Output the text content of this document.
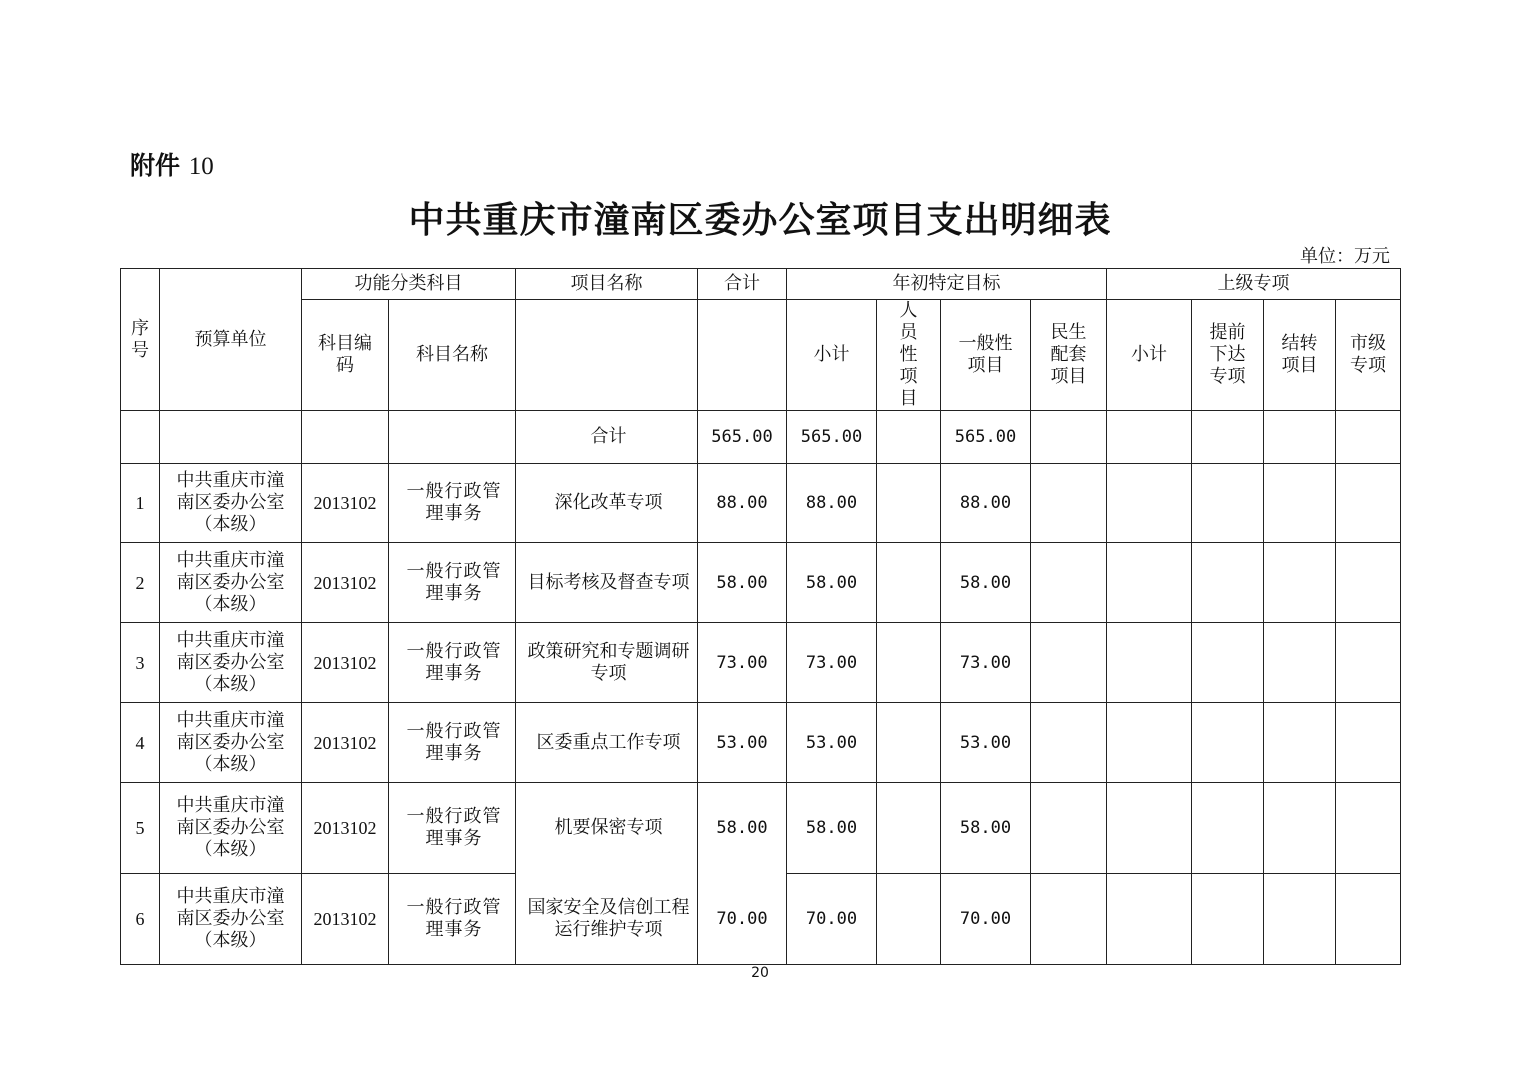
附件 10
中共重庆市潼南区委办公室项目支出明细表
单位：万元
序号	预算单位	功能分类科目		项目名称	合计	年初特定目标				上级专项			
		科目编码	科目名称			小计	人员性项目	一般性项目	民生配套项目	小计	提前下达专项	结转项目	市级专项
				合计	565.00	565.00		565.00					
1	中共重庆市潼南区委办公室（本级）	2013102	一般行政管理事务	深化改革专项	88.00	88.00		88.00					
2	中共重庆市潼南区委办公室（本级）	2013102	一般行政管理事务	目标考核及督查专项	58.00	58.00		58.00					
3	中共重庆市潼南区委办公室（本级）	2013102	一般行政管理事务	政策研究和专题调研专项	73.00	73.00		73.00					
4	中共重庆市潼南区委办公室（本级）	2013102	一般行政管理事务	区委重点工作专项	53.00	53.00		53.00					
5	中共重庆市潼南区委办公室（本级）	2013102	一般行政管理事务	机要保密专项	58.00	58.00		58.00					
6	中共重庆市潼南区委办公室（本级）	2013102	一般行政管理事务	国家安全及信创工程运行维护专项	70.00	70.00		70.00					
20
